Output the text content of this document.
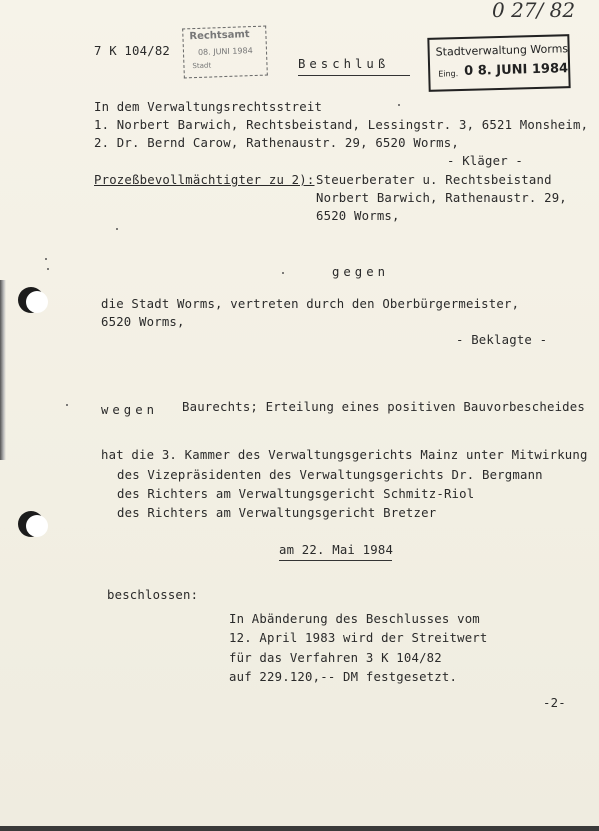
0 27/ 82
7 K 104/82
Rechtsamt
08. JUNI 1984
Stadt	Beschluß
Stadtverwaltung Worms
Eing. 0 8. JUNI 1984
In dem Verwaltungsrechtsstreit
1. Norbert Barwich, Rechtsbeistand, Lessingstr. 3, 6521 Monsheim,
2. Dr. Bernd Carow, Rathenaustr. 29, 6520 Worms,
- Kläger -
Prozeßbevollmächtigter zu 2): Steuerberater u. Rechtsbeistand
Norbert Barwich, Rathenaustr. 29,
6520 Worms,
gegen
die Stadt Worms, vertreten durch den Oberbürgermeister,
6520 Worms,
- Beklagte -
wegen Baurechts; Erteilung eines positiven Bauvorbescheides
hat die 3. Kammer des Verwaltungsgerichts Mainz unter Mitwirkung
des Vizepräsidenten des Verwaltungsgerichts Dr. Bergmann
des Richters am Verwaltungsgericht Schmitz-Riol
des Richters am Verwaltungsgericht Bretzer
am 22. Mai 1984
beschlossen:
In Abänderung des Beschlusses vom
12. April 1983 wird der Streitwert
für das Verfahren 3 K 104/82
auf 229.120,-- DM festgesetzt.
-2-
